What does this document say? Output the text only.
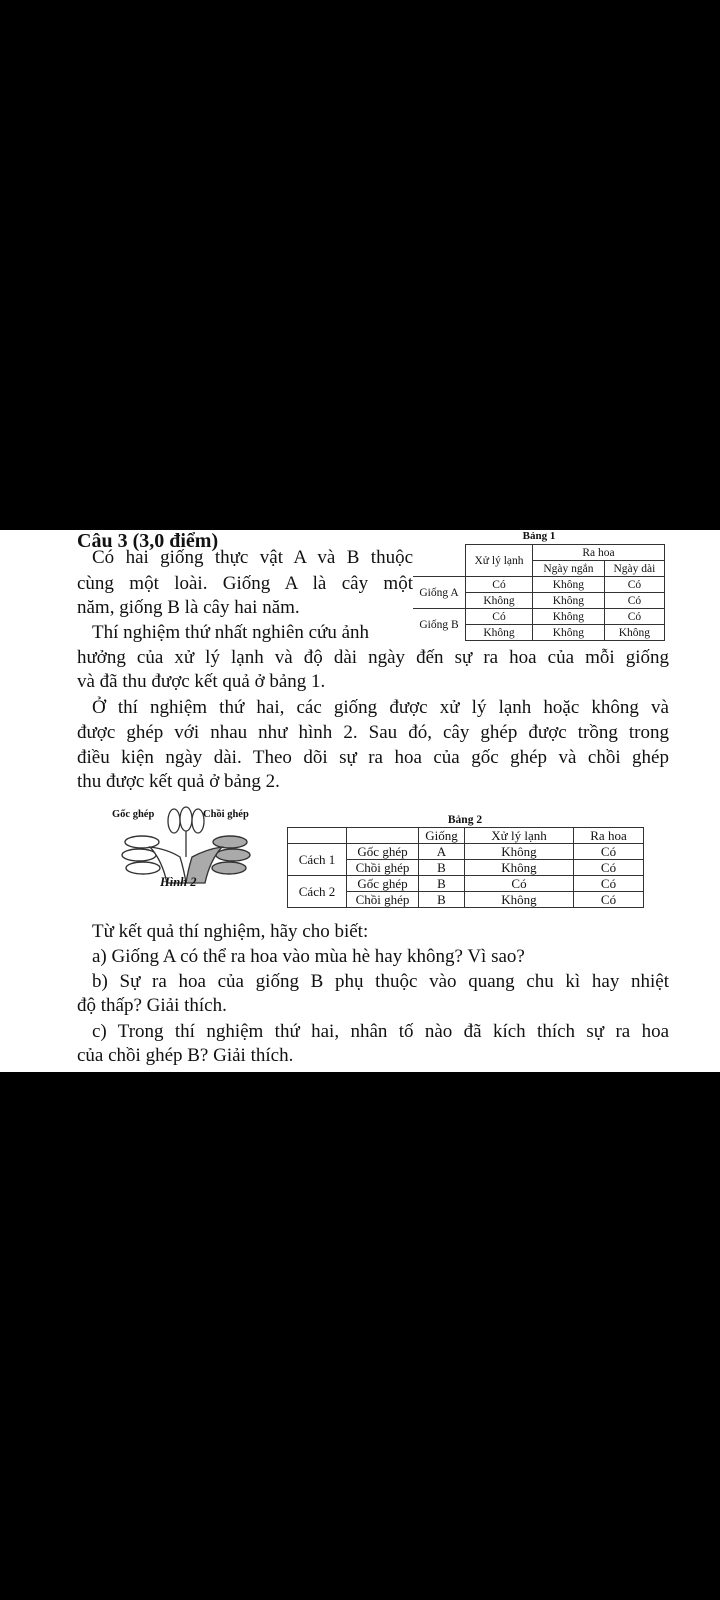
Câu 3 (3,0 điểm)
Có hai giống thực vật A và B thuộc
cùng một loài. Giống A là cây một
năm, giống B là cây hai năm.
Thí nghiệm thứ nhất nghiên cứu ảnh
hưởng của xử lý lạnh và độ dài ngày đến sự ra hoa của mỗi giống
và đã thu được kết quả ở bảng 1.
Ở thí nghiệm thứ hai, các giống được xử lý lạnh hoặc không và
được ghép với nhau như hình 2. Sau đó, cây ghép được trồng trong
điều kiện ngày dài. Theo dõi sự ra hoa của gốc ghép và chồi ghép
thu được kết quả ở bảng 2.
Bảng 1
	Xử lý lạnh	Ra hoa	
		Ngày ngắn	Ngày dài
Giống A	Có	Không	Có
	Không	Không	Có
Giống B	Có	Không	Có
	Không	Không	Không
Gốc ghép	Chồi ghép
Hình 2
Bảng 2
		Giống	Xử lý lạnh	Ra hoa
Cách 1	Gốc ghép	A	Không	Có
	Chồi ghép	B	Không	Có
Cách 2	Gốc ghép	B	Có	Có
	Chồi ghép	B	Không	Có
Từ kết quả thí nghiệm, hãy cho biết:
a) Giống A có thể ra hoa vào mùa hè hay không? Vì sao?
b) Sự ra hoa của giống B phụ thuộc vào quang chu kì hay nhiệt
độ thấp? Giải thích.
c) Trong thí nghiệm thứ hai, nhân tố nào đã kích thích sự ra hoa
của chồi ghép B? Giải thích.
